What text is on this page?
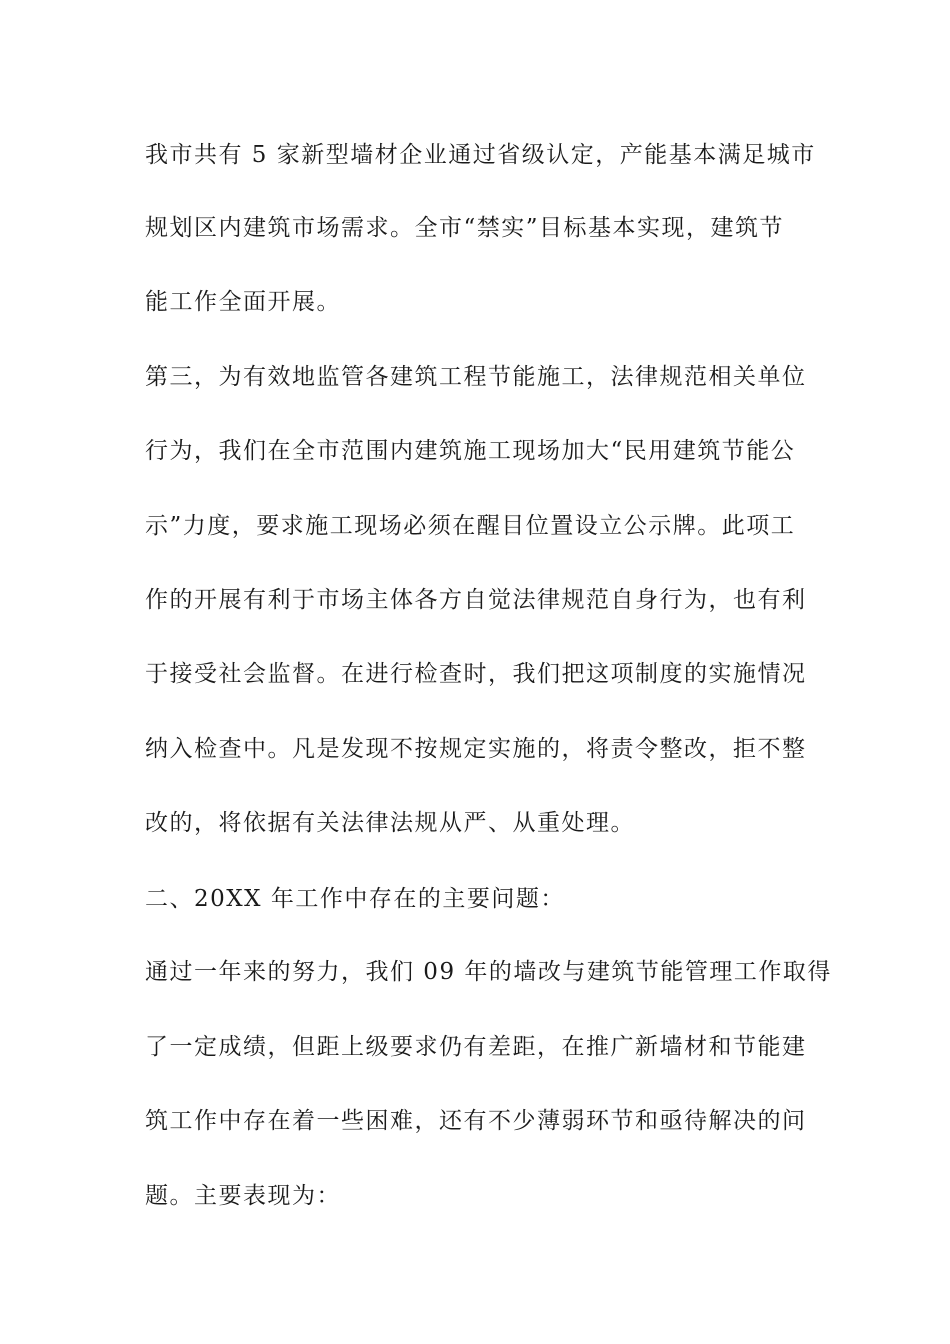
我市共有 5 家新型墙材企业通过省级认定，产能基本满足城市
规划区内建筑市场需求。全市“禁实”目标基本实现，建筑节
能工作全面开展。
第三，为有效地监管各建筑工程节能施工，法律规范相关单位
行为，我们在全市范围内建筑施工现场加大“民用建筑节能公
示”力度，要求施工现场必须在醒目位置设立公示牌。此项工
作的开展有利于市场主体各方自觉法律规范自身行为，也有利
于接受社会监督。在进行检查时，我们把这项制度的实施情况
纳入检查中。凡是发现不按规定实施的，将责令整改，拒不整
改的，将依据有关法律法规从严、从重处理。
二、20XX 年工作中存在的主要问题：
通过一年来的努力，我们 09 年的墙改与建筑节能管理工作取得
了一定成绩，但距上级要求仍有差距，在推广新墙材和节能建
筑工作中存在着一些困难，还有不少薄弱环节和亟待解决的问
题。主要表现为：
